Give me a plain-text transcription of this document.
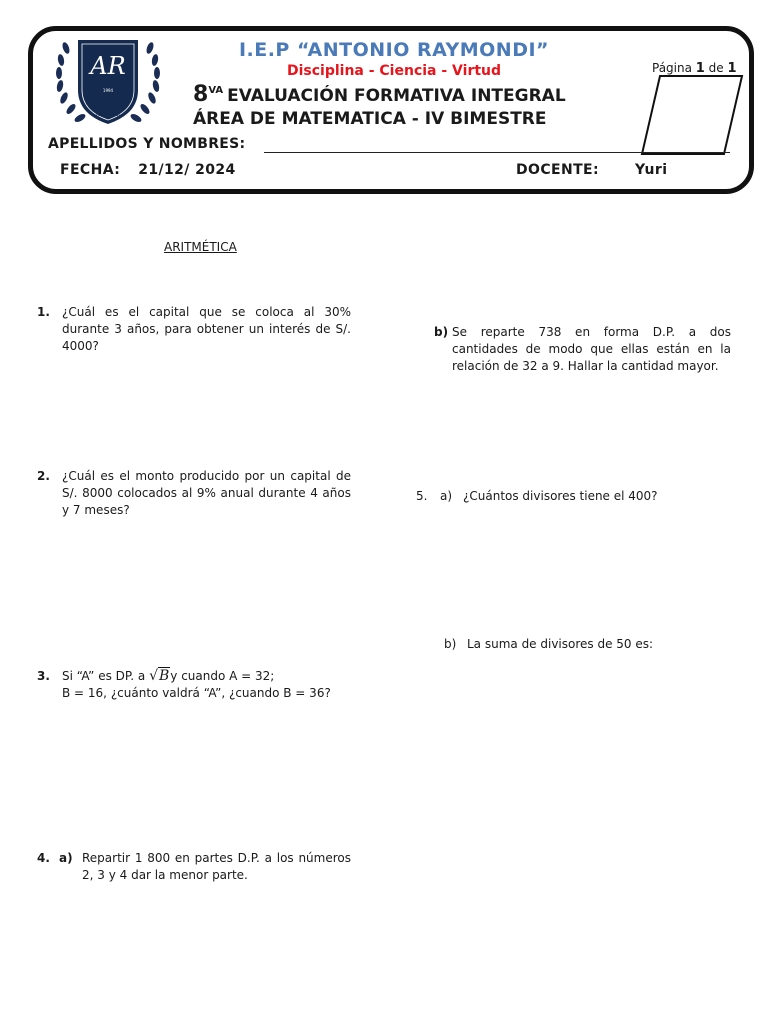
AR
1994
COLEGIO
RAYMONDI
I.E.P “ANTONIO RAYMONDI”
Disciplina - Ciencia - Virtud
$8^{VA}$ EVALUACIÓN FORMATIVA INTEGRAL
ÁREA DE MATEMATICA - IV BIMESTRE
Página 1 de 1
APELLIDOS Y NOMBRES:
FECHA: 21/12/ 2024	DOCENTE:	Yuri
ARITMÉTICA
1. ¿Cuál es el capital que se coloca al 30% durante 3 años, para obtener un interés de S/. 4000?
2. ¿Cuál es el monto producido por un capital de S/. 8000 colocados al 9% anual durante 4 años y 7 meses?
3. Si “A” es DP. a √By cuando A = 32;
B = 16, ¿cuánto valdrá “A”, ¿cuando B = 36?
4. a) Repartir 1 800 en partes D.P. a los números 2, 3 y 4 dar la menor parte.
b) Se reparte 738 en forma D.P. a dos cantidades de modo que ellas están en la relación de 32 a 9. Hallar la cantidad mayor.
5. a) ¿Cuántos divisores tiene el 400?
b) La suma de divisores de 50 es:
